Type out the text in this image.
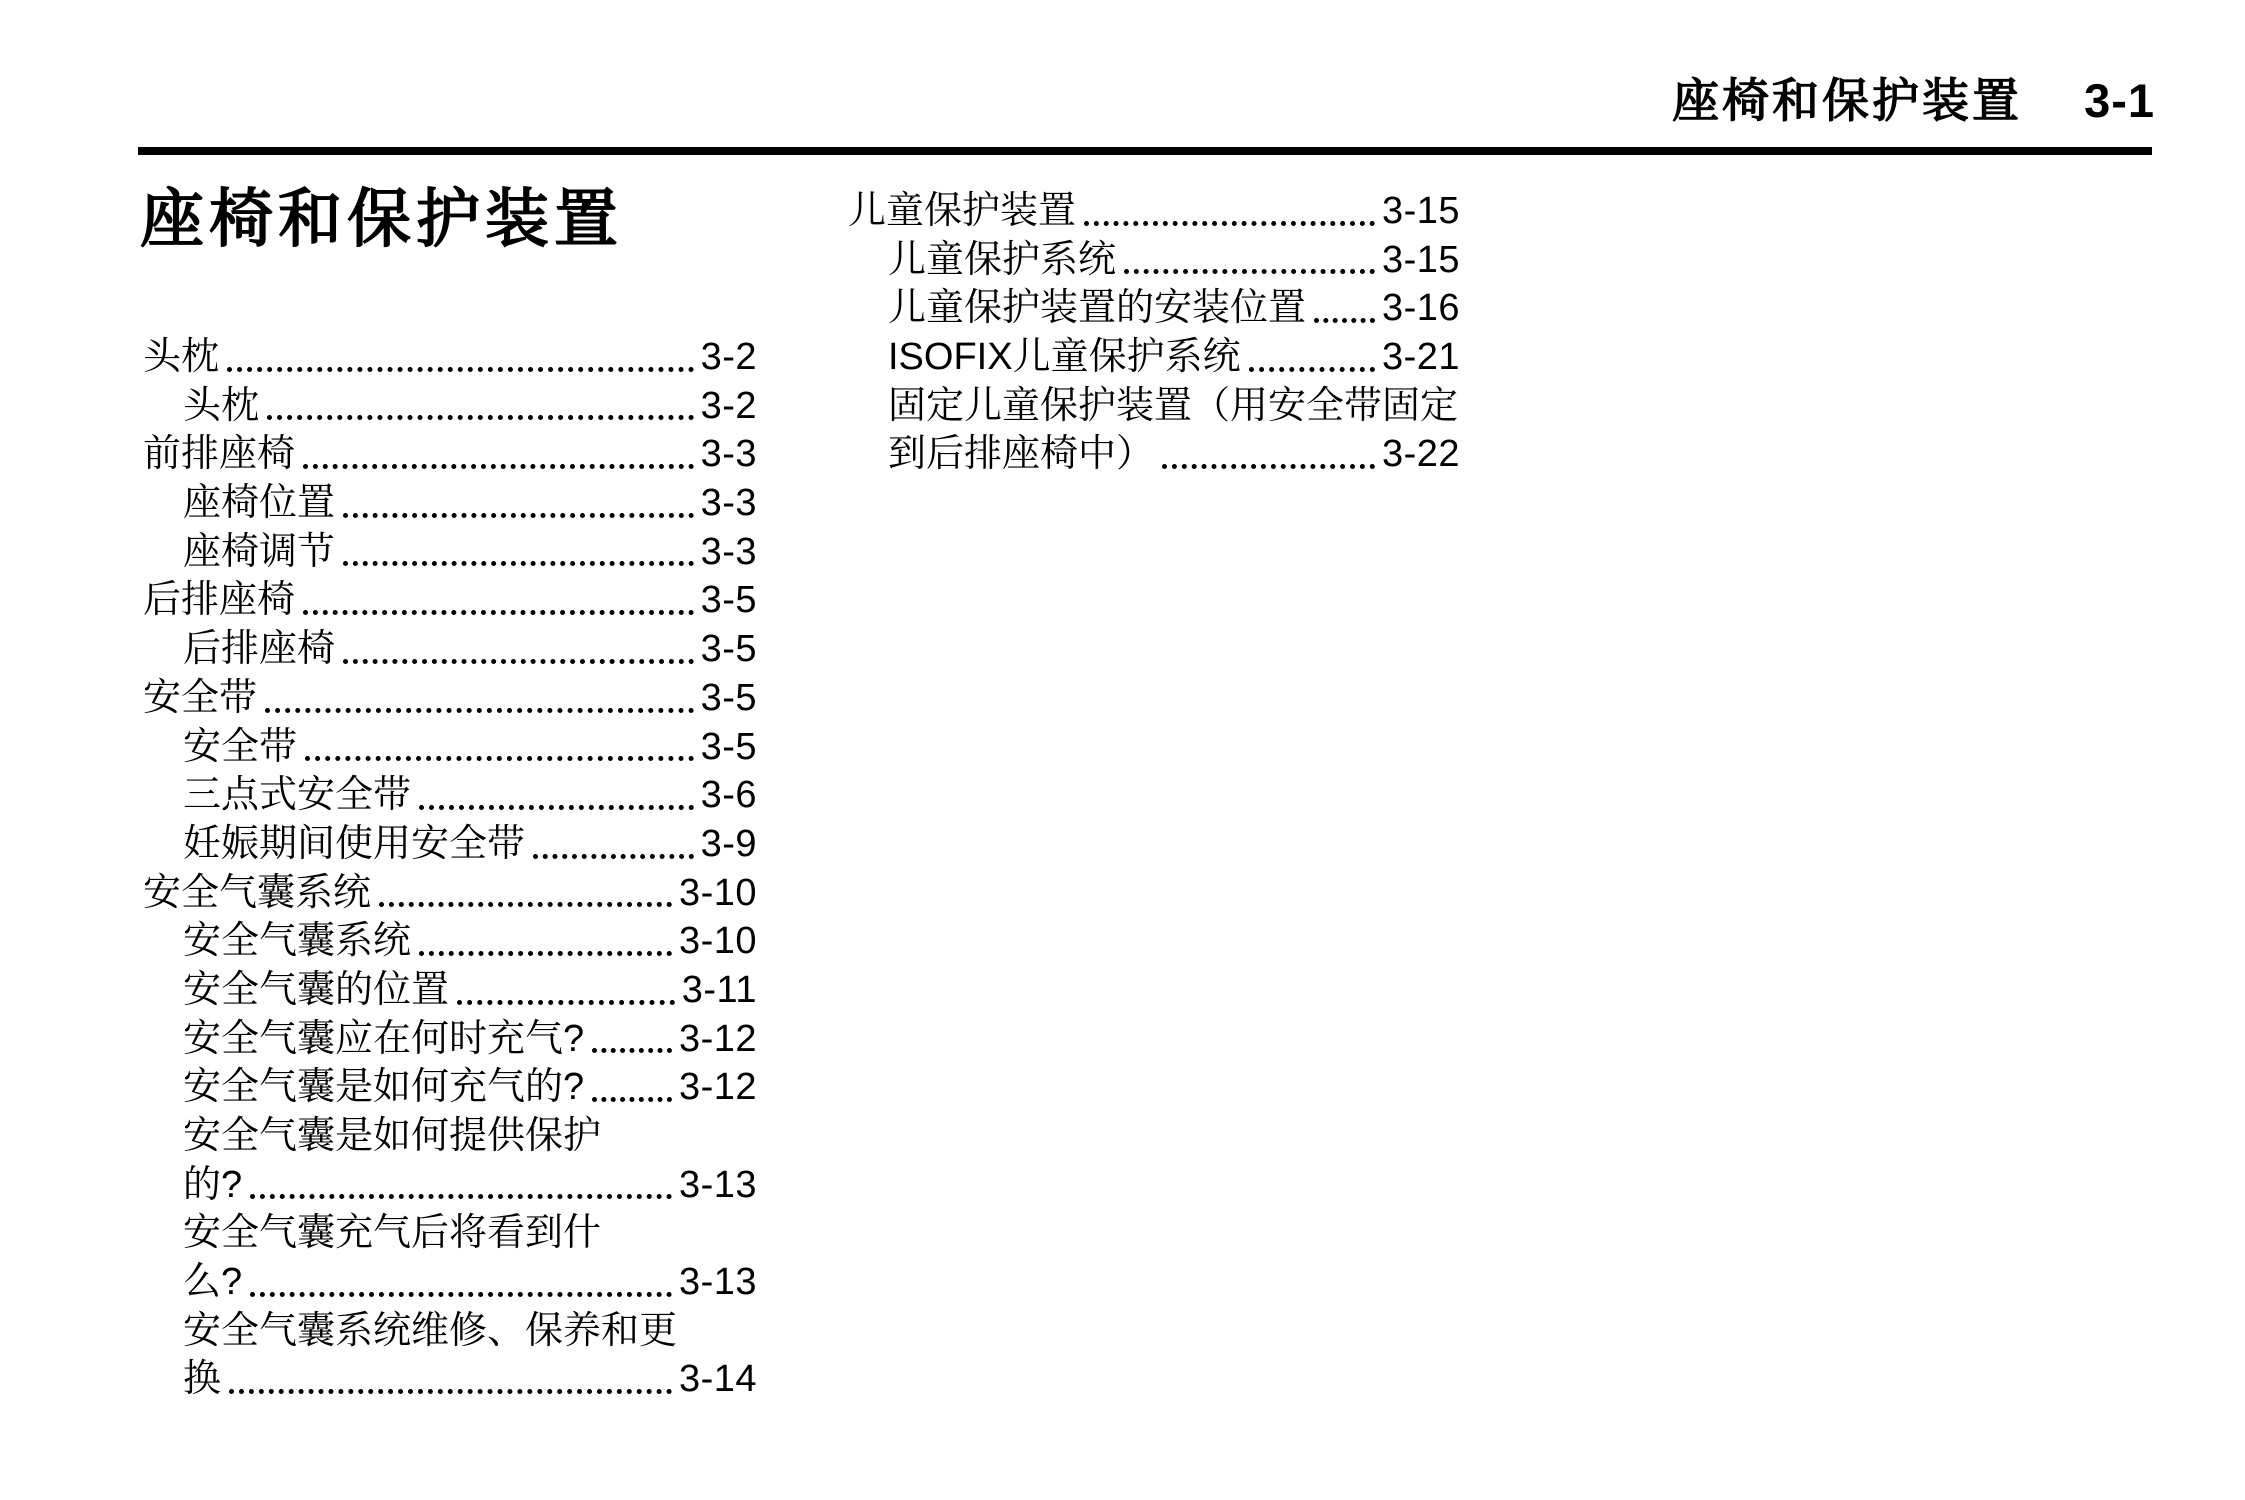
座椅和保护装置 3-1
座椅和保护装置
头枕	3-2
头枕	3-2
前排座椅	3-3
座椅位置	3-3
座椅调节	3-3
后排座椅	3-5
后排座椅	3-5
安全带	3-5
安全带	3-5
三点式安全带	3-6
妊娠期间使用安全带	3-9
安全气囊系统	3-10
安全气囊系统	3-10
安全气囊的位置	3-11
安全气囊应在何时充气? 3-12
安全气囊是如何充气的? 3-12
安全气囊是如何提供保护
的?	3-13
安全气囊充气后将看到什
么?	3-13
安全气囊系统维修、保养和更
换	3-14
儿童保护装置	3-15
儿童保护系统	3-15
儿童保护装置的安装位置 3-16
ISOFIX儿童保护系统	3-21
固定儿童保护装置（用安全带固定
到后排座椅中）	3-22
